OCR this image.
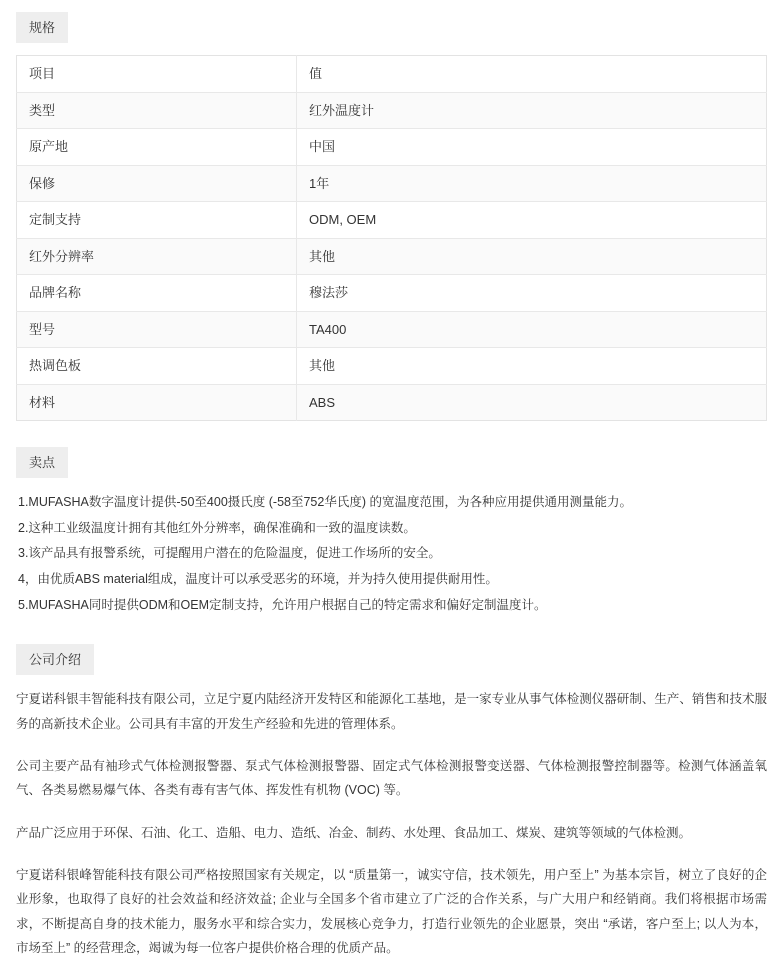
规格
项目	值
类型	红外温度计
原产地	中国
保修	1年
定制支持	ODM, OEM
红外分辨率	其他
品牌名称	穆法莎
型号	TA400
热调色板	其他
材料	ABS
卖点
1.MUFASHA数字温度计提供-50至400摄氏度 (-58至752华氏度) 的宽温度范围，为各种应用提供通用测量能力。
2.这种工业级温度计拥有其他红外分辨率，确保准确和一致的温度读数。
3.该产品具有报警系统，可提醒用户潜在的危险温度，促进工作场所的安全。
4，由优质ABS material组成，温度计可以承受恶劣的环境，并为持久使用提供耐用性。
5.MUFASHA同时提供ODM和OEM定制支持，允许用户根据自己的特定需求和偏好定制温度计。
公司介绍

宁夏诺科银丰智能科技有限公司，立足宁夏内陆经济开发特区和能源化工基地，是一家专业从事气体检测仪器研制、生产、销售和技术服务的高新技术企业。公司具有丰富的开发生产经验和先进的管理体系。

公司主要产品有袖珍式气体检测报警器、泵式气体检测报警器、固定式气体检测报警变送器、气体检测报警控制器等。检测气体涵盖氧气、各类易燃易爆气体、各类有毒有害气体、挥发性有机物 (VOC) 等。

产品广泛应用于环保、石油、化工、造船、电力、造纸、冶金、制药、水处理、食品加工、煤炭、建筑等领域的气体检测。

宁夏诺科银峰智能科技有限公司严格按照国家有关规定，以 “质量第一，诚实守信，技术领先，用户至上” 为基本宗旨，树立了良好的企业形象，也取得了良好的社会效益和经济效益; 企业与全国多个省市建立了广泛的合作关系，与广大用户和经销商。我们将根据市场需求，不断提高自身的技术能力，服务水平和综合实力，发展核心竞争力，打造行业领先的企业愿景，突出 “承诺，客户至上; 以人为本，市场至上” 的经营理念，竭诚为每一位客户提供价格合理的优质产品。
